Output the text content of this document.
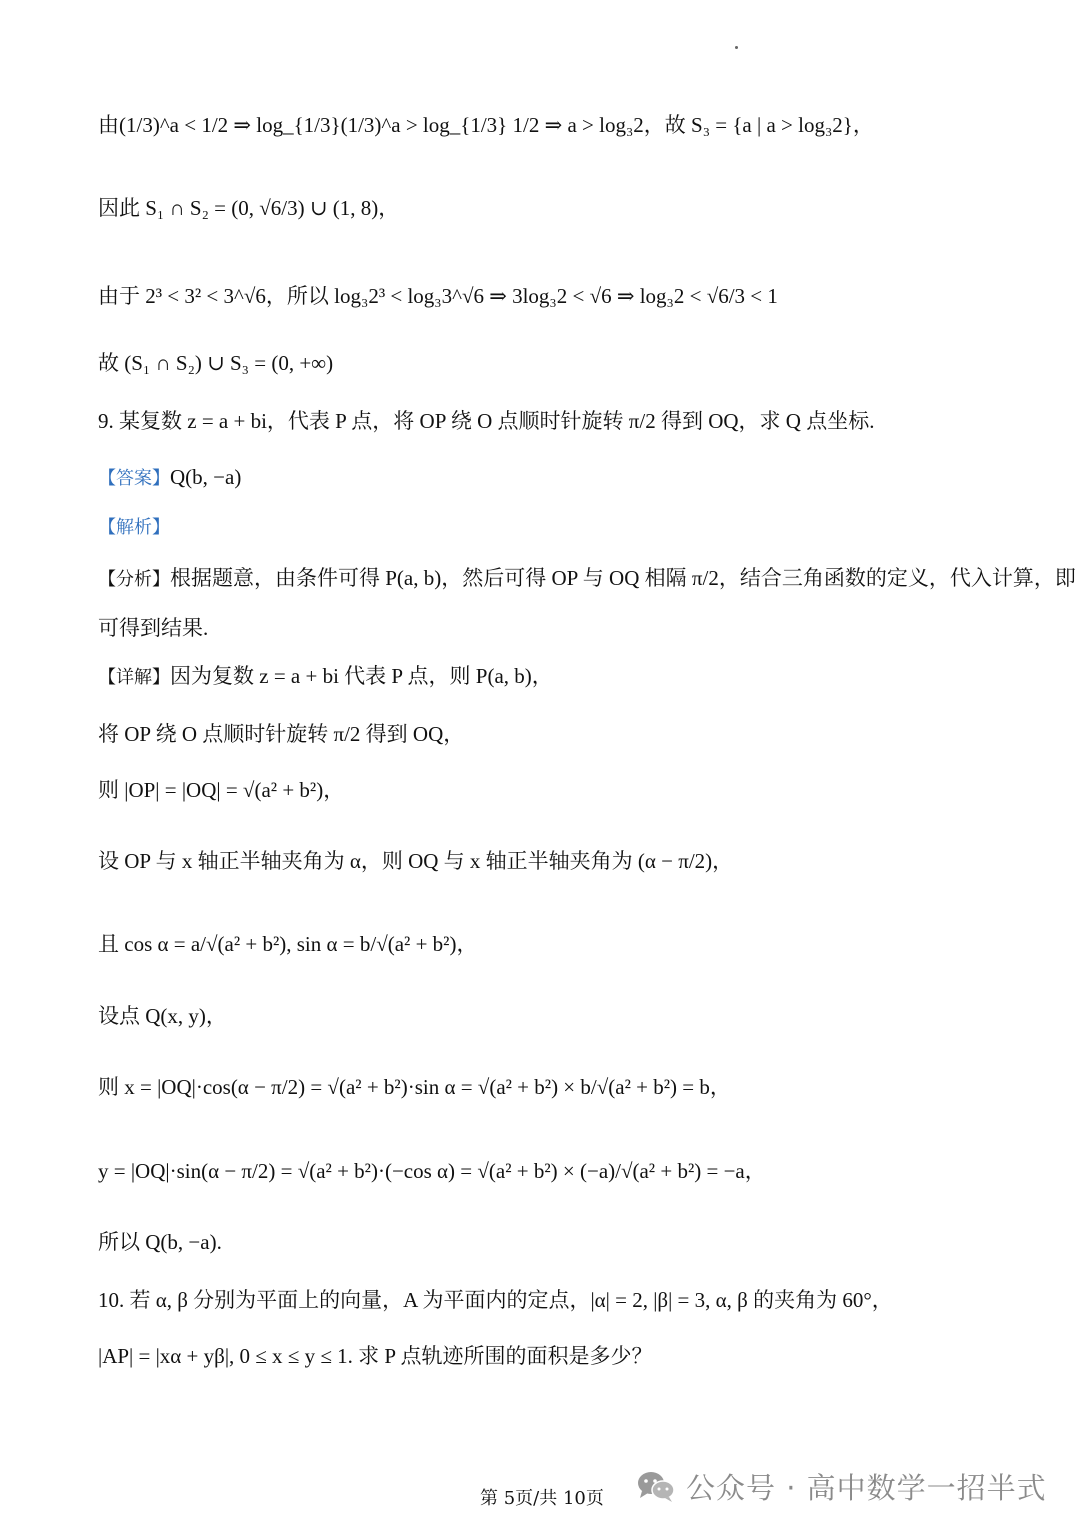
由(1/3)^a < 1/2 ⇒ log_{1/3}(1/3)^a > log_{1/3} 1/2 ⇒ a > log₃2，故 S₃ = {a | a > log₃2}，
因此 S₁ ∩ S₂ = (0, √6/3) ∪ (1, 8)，
由于 2³ < 3² < 3^√6，所以 log₃2³ < log₃3^√6 ⇒ 3log₃2 < √6 ⇒ log₃2 < √6/3 < 1
故 (S₁ ∩ S₂) ∪ S₃ = (0, +∞)
9. 某复数 z = a + bi，代表 P 点，将 OP 绕 O 点顺时针旋转 π/2 得到 OQ，求 Q 点坐标.
【答案】Q(b, −a)
【解析】
【分析】根据题意，由条件可得 P(a, b)，然后可得 OP 与 OQ 相隔 π/2，结合三角函数的定义，代入计算，即
可得到结果.
【详解】因为复数 z = a + bi 代表 P 点，则 P(a, b)，
将 OP 绕 O 点顺时针旋转 π/2 得到 OQ，
则 |OP| = |OQ| = √(a² + b²)，
设 OP 与 x 轴正半轴夹角为 α，则 OQ 与 x 轴正半轴夹角为 (α − π/2)，
且 cos α = a/√(a² + b²), sin α = b/√(a² + b²)，
设点 Q(x, y)，
则 x = |OQ|·cos(α − π/2) = √(a² + b²)·sin α = √(a² + b²) × b/√(a² + b²) = b，
y = |OQ|·sin(α − π/2) = √(a² + b²)·(−cos α) = √(a² + b²) × (−a)/√(a² + b²) = −a，
所以 Q(b, −a).
10. 若 α, β 分别为平面上的向量，A 为平面内的定点，|α| = 2, |β| = 3, α, β 的夹角为 60°，
|AP| = |xα + yβ|, 0 ≤ x ≤ y ≤ 1. 求 P 点轨迹所围的面积是多少？
第 5页/共 10页	公众号 · 高中数学一招半式
